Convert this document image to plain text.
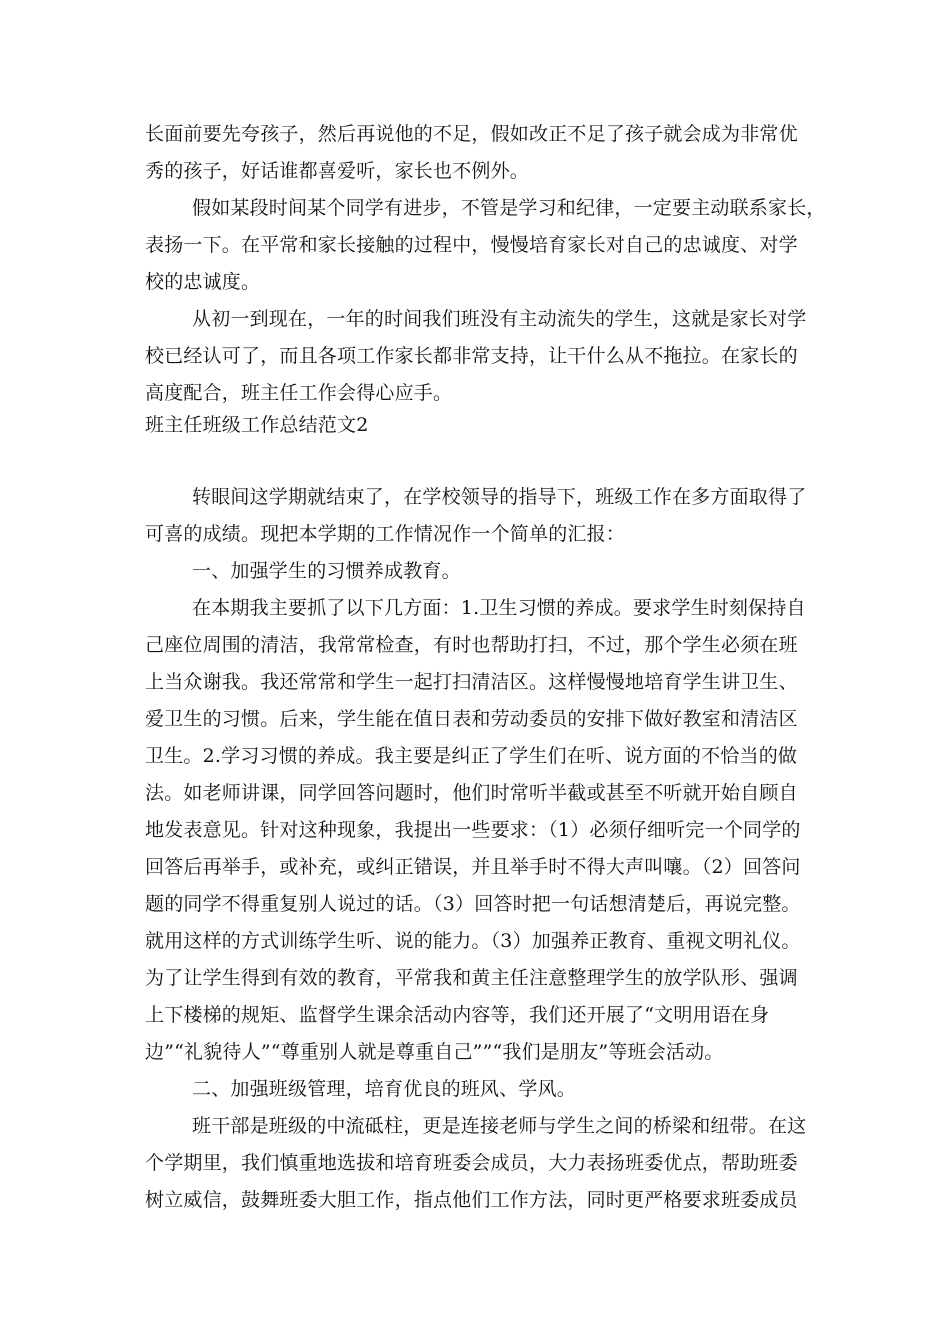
长面前要先夸孩子，然后再说他的不足，假如改正不足了孩子就会成为非常优
秀的孩子，好话谁都喜爱听，家长也不例外。
假如某段时间某个同学有进步，不管是学习和纪律，一定要主动联系家长，
表扬一下。在平常和家长接触的过程中，慢慢培育家长对自己的忠诚度、对学
校的忠诚度。
从初一到现在，一年的时间我们班没有主动流失的学生，这就是家长对学
校已经认可了，而且各项工作家长都非常支持，让干什么从不拖拉。在家长的
高度配合，班主任工作会得心应手。
班主任班级工作总结范文2
转眼间这学期就结束了，在学校领导的指导下，班级工作在多方面取得了
可喜的成绩。现把本学期的工作情况作一个简单的汇报：
一、加强学生的习惯养成教育。
在本期我主要抓了以下几方面：1.卫生习惯的养成。要求学生时刻保持自
己座位周围的清洁，我常常检查，有时也帮助打扫，不过，那个学生必须在班
上当众谢我。我还常常和学生一起打扫清洁区。这样慢慢地培育学生讲卫生、
爱卫生的习惯。后来，学生能在值日表和劳动委员的安排下做好教室和清洁区
卫生。2.学习习惯的养成。我主要是纠正了学生们在听、说方面的不恰当的做
法。如老师讲课，同学回答问题时，他们时常听半截或甚至不听就开始自顾自
地发表意见。针对这种现象，我提出一些要求：（1）必须仔细听完一个同学的
回答后再举手，或补充，或纠正错误，并且举手时不得大声叫嚷。（2）回答问
题的同学不得重复别人说过的话。（3）回答时把一句话想清楚后，再说完整。
就用这样的方式训练学生听、说的能力。（3）加强养正教育、重视文明礼仪。
为了让学生得到有效的教育，平常我和黄主任注意整理学生的放学队形、强调
上下楼梯的规矩、监督学生课余活动内容等，我们还开展了“文明用语在身
边”“礼貌待人”“尊重别人就是尊重自己””“我们是朋友”等班会活动。
二、加强班级管理，培育优良的班风、学风。
班干部是班级的中流砥柱，更是连接老师与学生之间的桥梁和纽带。在这
个学期里，我们慎重地选拔和培育班委会成员，大力表扬班委优点，帮助班委
树立威信，鼓舞班委大胆工作，指点他们工作方法，同时更严格要求班委成员
